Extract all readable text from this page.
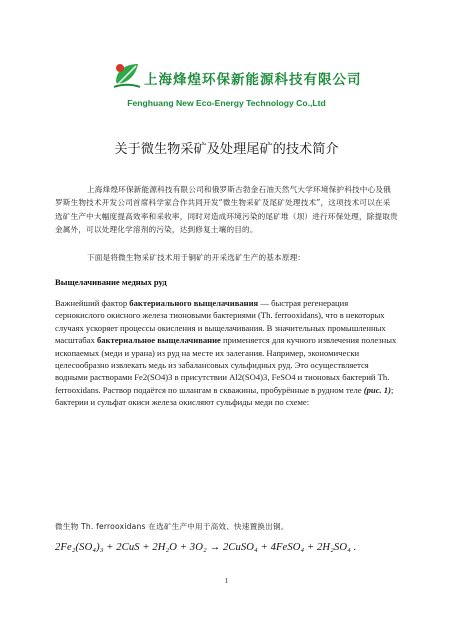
上海烽煌环保新能源科技有限公司
Fenghuang New Eco-Energy Technology Co.,Ltd
关于微生物采矿及处理尾矿的技术简介
上海烽煌环保新能源科技有限公司和俄罗斯古勃金石油天然气大学环境保护科技中心及俄罗斯生物技术开发公司首席科学家合作共同开发“微生物采矿及尾矿处理技术”，这项技术可以在采选矿生产中大幅度提高效率和采收率，同时对造成环境污染的尾矿堆（坝）进行环保处理，除提取贵金属外，可以处理化学溶剂的污染，达到修复土壤的目的。
下面是将微生物采矿技术用于铜矿的开采选矿生产的基本原理：
Выщелачивание медных руд
Важнейший фактор бактериального выщелачивания — быстрая регенерация сернокислого окисного железа тионовыми бактериями (Th. ferrooxidans), что в некоторых случаях ускоряет процессы окисления и выщелачивания. В значительных промышленных масштабах бактериальное выщелачивание применяется для кучного извлечения полезных ископаемых (меди и урана) из руд на месте их залегания. Например, экономически целесообразно извлекать медь из забалансовых сульфидных руд. Это осуществляется водными растворами Fe2(SO4)3 в присутствии Al2(SO4)3, FeSO4 и тионовых бактерий Th. ferrooxidans. Раствор подаётся по шлангам в скважины, пробурённые в рудном теле (рис. 1); бактерии и сульфат окиси железа окисляют сульфиды меди по схеме:
微生物 Th. ferrooxidans 在选矿生产中用于高效、快速置换出铜。
2Fe₂(SO₄)₃ + 2CuS + 2H₂O + 3O₂ → 2CuSO₄ + 4FeSO₄ + 2H₂SO₄ .
1
